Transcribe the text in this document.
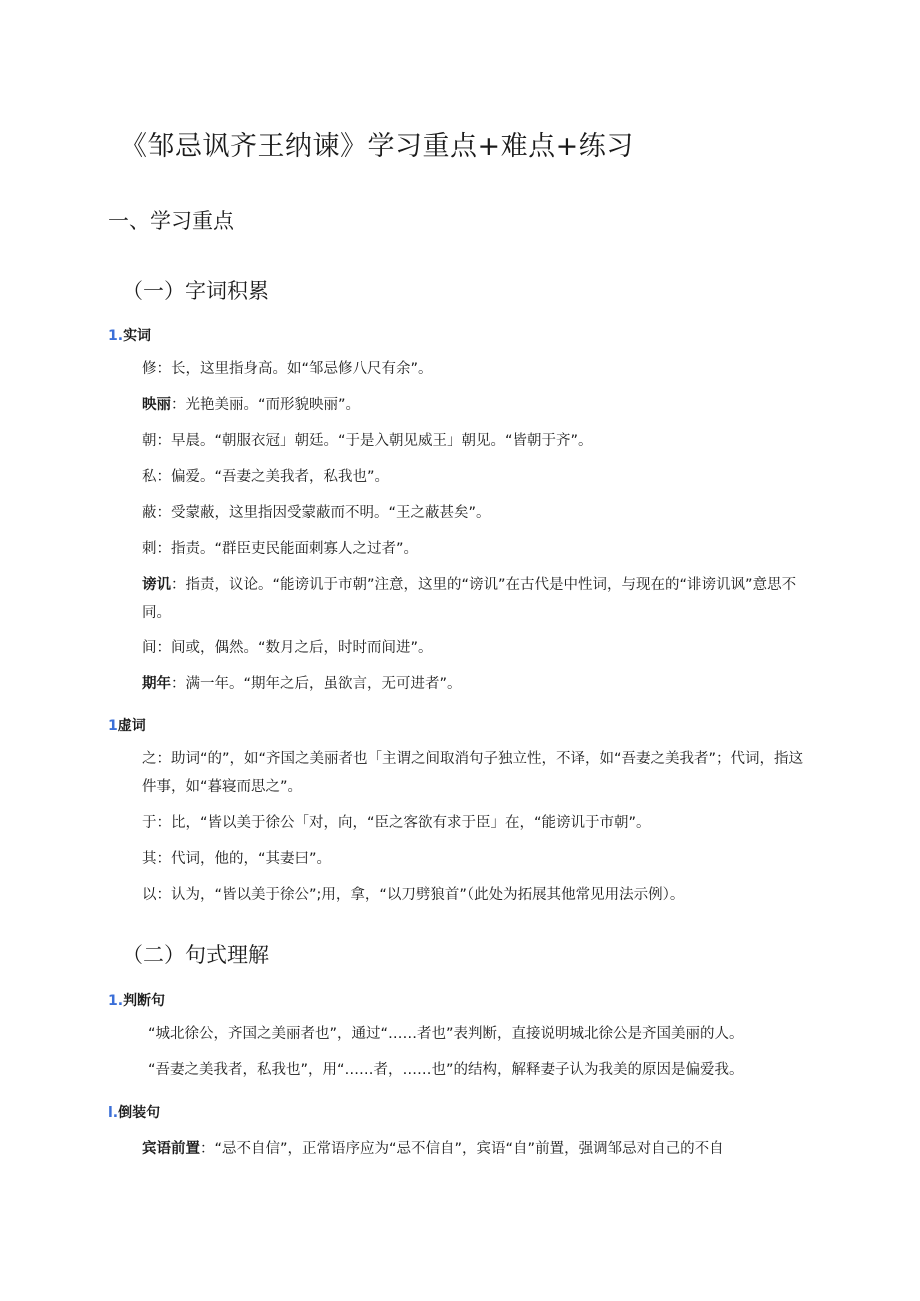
《邹忌讽齐王纳谏》学习重点+难点+练习
一、学习重点
（一）字词积累
1.实词
修：长，这里指身高。如“邹忌修八尺有余”。
映丽：光艳美丽。“而形貌映丽”。
朝：早晨。“朝服衣冠」朝廷。“于是入朝见威王」朝见。“皆朝于齐”。
私：偏爱。“吾妻之美我者，私我也”。
蔽：受蒙蔽，这里指因受蒙蔽而不明。“王之蔽甚矣”。
刺：指责。“群臣吏民能面刺寡人之过者”。
谤讥：指责，议论。“能谤讥于市朝”注意，这里的“谤讥”在古代是中性词，与现在的“诽谤讥讽”意思不同。
间：间或，偶然。“数月之后，时时而间进”。
期年：满一年。“期年之后，虽欲言，无可进者”。
1虚词
之：助词“的”，如“齐国之美丽者也「主谓之间取消句子独立性，不译，如“吾妻之美我者”；代词，指这件事，如“暮寝而思之”。
于：比，“皆以美于徐公「对，向，“臣之客欲有求于臣」在，“能谤讥于市朝”。
其：代词，他的，“其妻曰”。
以：认为，“皆以美于徐公”;用，拿，“以刀劈狼首”（此处为拓展其他常见用法示例）。
（二）句式理解
1.判断句
“城北徐公，齐国之美丽者也”，通过“……者也”表判断，直接说明城北徐公是齐国美丽的人。
“吾妻之美我者，私我也”，用“……者，……也”的结构，解释妻子认为我美的原因是偏爱我。
l.倒装句
宾语前置：“忌不自信”，正常语序应为“忌不信自”，宾语“自”前置，强调邹忌对自己的不自
